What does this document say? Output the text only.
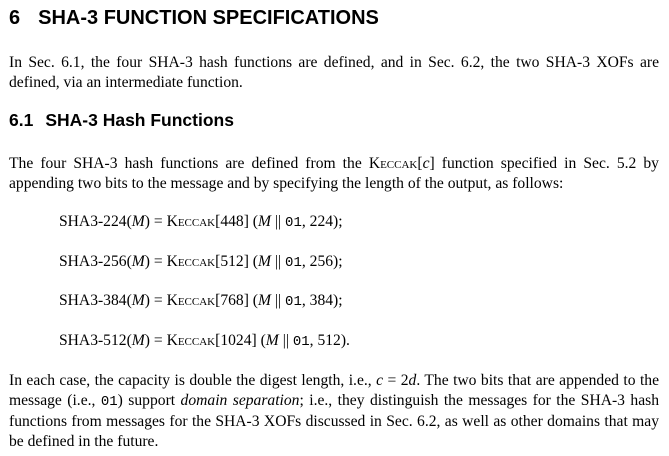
6 SHA-3 FUNCTION SPECIFICATIONS

In Sec. 6.1, the four SHA-3 hash functions are defined, and in Sec. 6.2, the two SHA-3 XOFs are defined, via an intermediate function.

6.1 SHA-3 Hash Functions

The four SHA-3 hash functions are defined from the Keccak[c] function specified in Sec. 5.2 by appending two bits to the message and by specifying the length of the output, as follows:

SHA3-224(M) = Keccak[448] (M || 01, 224);
SHA3-256(M) = Keccak[512] (M || 01, 256);
SHA3-384(M) = Keccak[768] (M || 01, 384);
SHA3-512(M) = Keccak[1024] (M || 01, 512).

In each case, the capacity is double the digest length, i.e., c = 2d. The two bits that are appended to the message (i.e., 01) support domain separation; i.e., they distinguish the messages for the SHA-3 hash functions from messages for the SHA-3 XOFs discussed in Sec. 6.2, as well as other domains that may be defined in the future.
